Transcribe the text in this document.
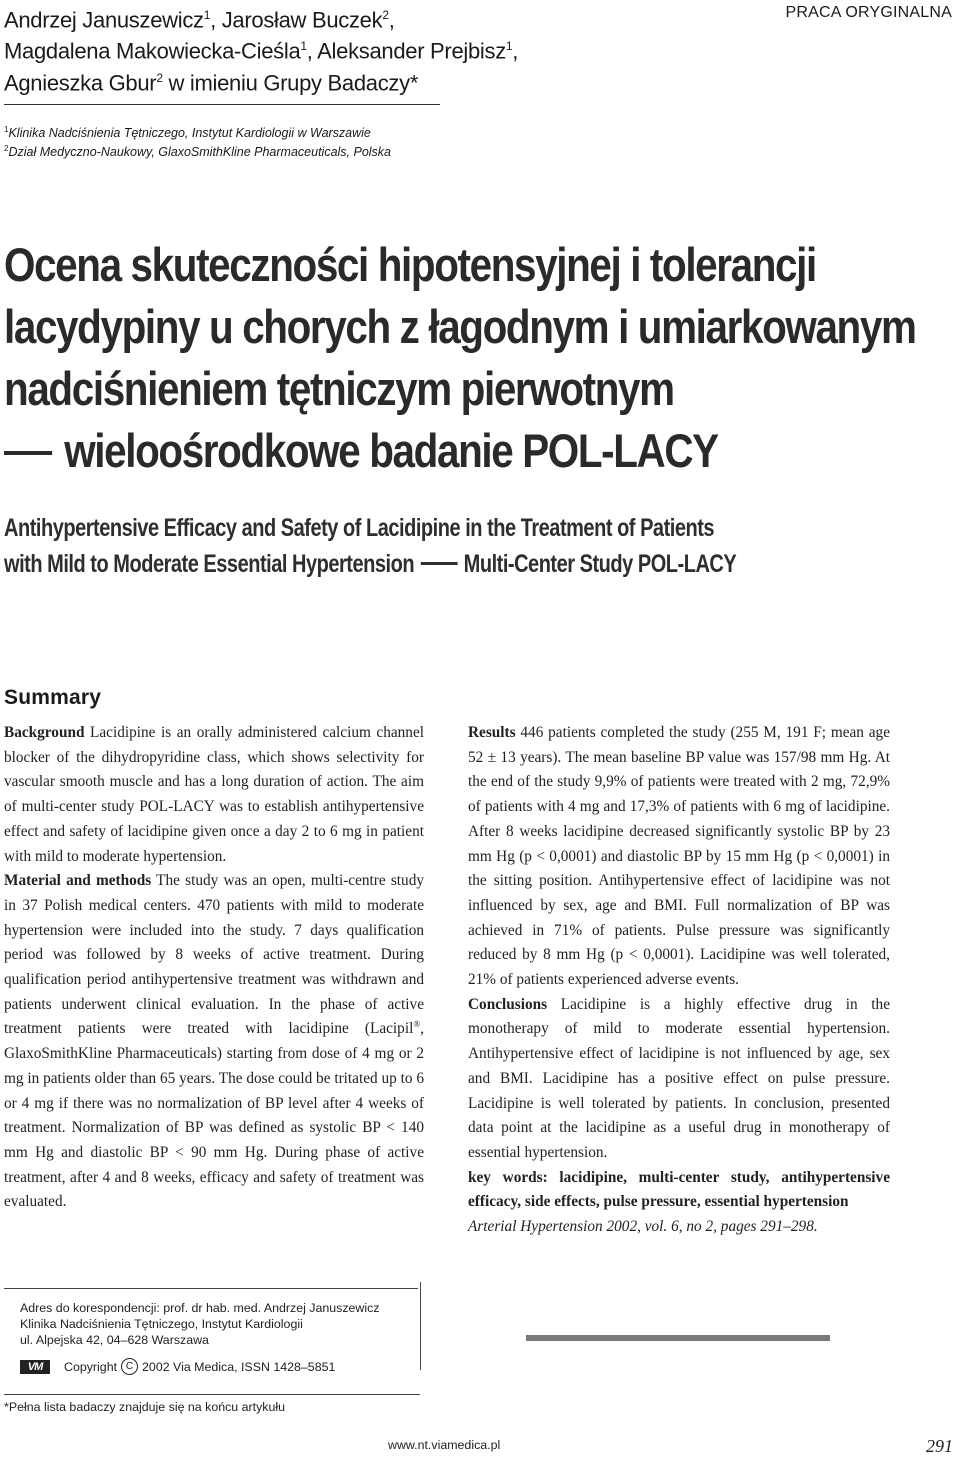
Andrzej Januszewicz$^1$, Jarosław Buczek$^2$,
Magdalena Makowiecka-Cieśla$^1$, Aleksander Prejbisz$^1$,
Agnieszka Gbur$^2$ w imieniu Grupy Badaczy*
PRACA ORYGINALNA
$^1$Klinika Nadciśnienia Tętniczego, Instytut Kardiologii w Warszawie
$^2$Dział Medyczno-Naukowy, GlaxoSmithKline Pharmaceuticals, Polska
Ocena skuteczności hipotensyjnej i tolerancji
lacydypiny u chorych z łagodnym i umiarkowanym
nadciśnieniem tętniczym pierwotnym
wieloośrodkowe badanie POL-LACY
Antihypertensive Efficacy and Safety of Lacidipine in the Treatment of Patients
with Mild to Moderate Essential Hypertension Multi-Center Study POL-LACY
Summary

Background Lacidipine is an orally administered calcium channel blocker of the dihydropyridine class, which shows selectivity for vascular smooth muscle and has a long duration of action. The aim of multi-center study POL-LACY was to establish antihypertensive effect and safety of lacidipine given once a day 2 to 6 mg in patient with mild to moderate hypertension.

Material and methods The study was an open, multi-centre study in 37 Polish medical centers. 470 patients with mild to moderate hypertension were included into the study. 7 days qualification period was followed by 8 weeks of active treatment. During qualification period antihypertensive treatment was withdrawn and patients underwent clinical evaluation. In the phase of active treatment patients were treated with lacidipine (Lacipil®, GlaxoSmithKline Pharmaceuticals) starting from dose of 4 mg or 2 mg in patients older than 65 years. The dose could be tritated up to 6 or 4 mg if there was no normalization of BP level after 4 weeks of treatment. Normalization of BP was defined as systolic BP < 140 mm Hg and diastolic BP < 90 mm Hg. During phase of active treatment, after 4 and 8 weeks, efficacy and safety of treatment was evaluated.

Results 446 patients completed the study (255 M, 191 F; mean age 52 ± 13 years). The mean baseline BP value was 157/98 mm Hg. At the end of the study 9,9% of patients were treated with 2 mg, 72,9% of patients with 4 mg and 17,3% of patients with 6 mg of lacidipine. After 8 weeks lacidipine decreased significantly systolic BP by 23 mm Hg (p < 0,0001) and diastolic BP by 15 mm Hg (p < 0,0001) in the sitting position. Antihypertensive effect of lacidipine was not influenced by sex, age and BMI. Full normalization of BP was achieved in 71% of patients. Pulse pressure was significantly reduced by 8 mm Hg (p < 0,0001). Lacidipine was well tolerated, 21% of patients experienced adverse events.

Conclusions Lacidipine is a highly effective drug in the monotherapy of mild to moderate essential hypertension. Antihypertensive effect of lacidipine is not influenced by age, sex and BMI. Lacidipine has a positive effect on pulse pressure. Lacidipine is well tolerated by patients. In conclusion, presented data point at the lacidipine as a useful drug in monotherapy of essential hypertension.

key words: lacidipine, multi-center study, antihypertensive efficacy, side effects, pulse pressure, essential hypertension

Arterial Hypertension 2002, vol. 6, no 2, pages 291–298.

Adres do korespondencji: prof. dr hab. med. Andrzej Januszewicz
Klinika Nadciśnienia Tętniczego, Instytut Kardiologii
ul. Alpejska 42, 04–628 Warszawa
VM	Copyright C 2002 Via Medica, ISSN 1428–5851
*Pełna lista badaczy znajduje się na końcu artykułu
www.nt.viamedica.pl	291
